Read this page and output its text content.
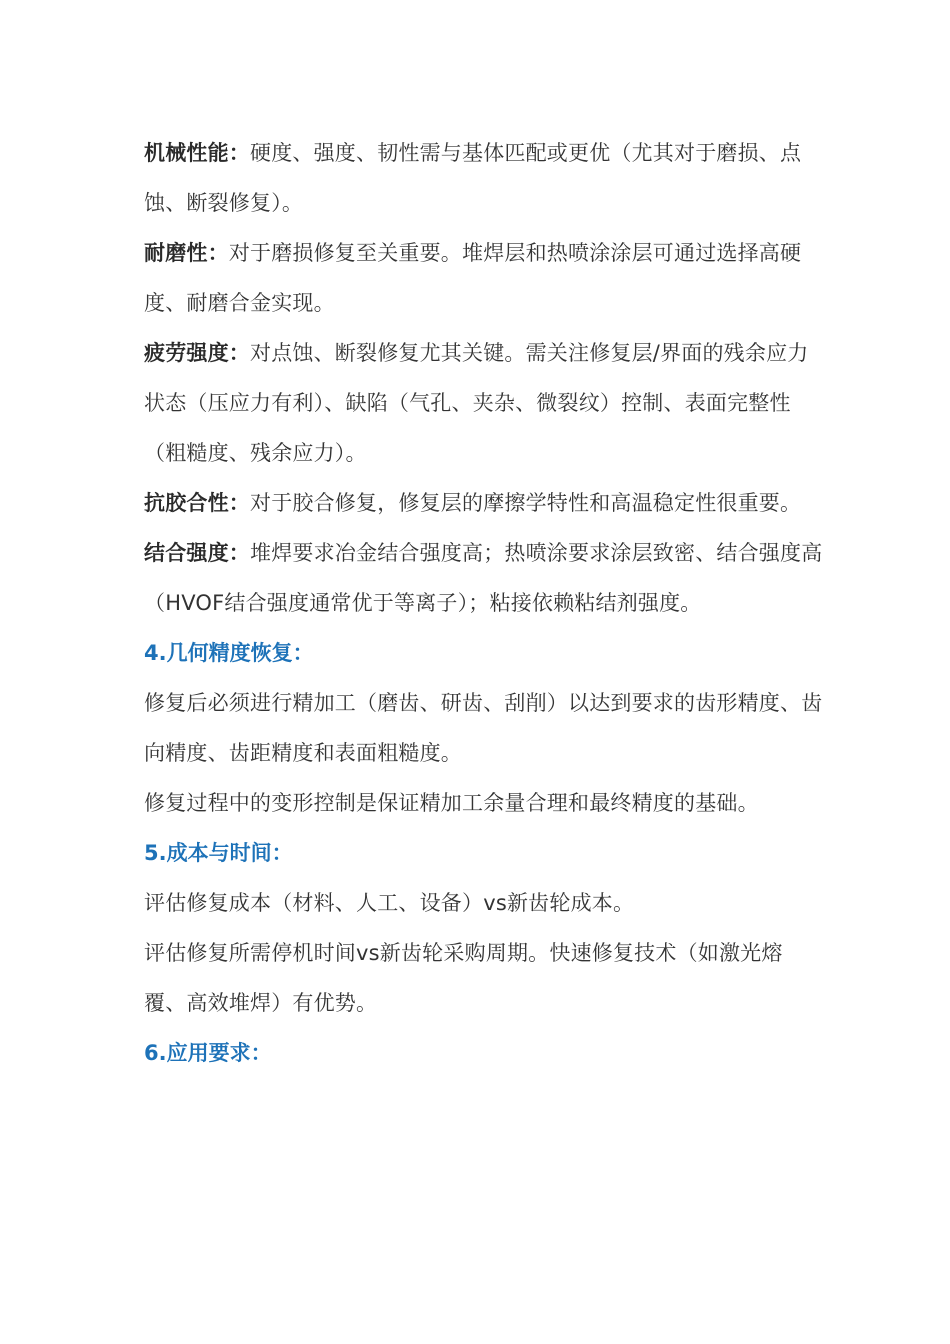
机械性能：硬度、强度、韧性需与基体匹配或更优（尤其对于磨损、点蚀、断裂修复）。

耐磨性：对于磨损修复至关重要。堆焊层和热喷涂涂层可通过选择高硬度、耐磨合金实现。

疲劳强度：对点蚀、断裂修复尤其关键。需关注修复层/界面的残余应力状态（压应力有利）、缺陷（气孔、夹杂、微裂纹）控制、表面完整性（粗糙度、残余应力）。

抗胶合性：对于胶合修复，修复层的摩擦学特性和高温稳定性很重要。

结合强度：堆焊要求冶金结合强度高；热喷涂要求涂层致密、结合强度高（HVOF结合强度通常优于等离子）；粘接依赖粘结剂强度。

4.几何精度恢复：

修复后必须进行精加工（磨齿、研齿、刮削）以达到要求的齿形精度、齿向精度、齿距精度和表面粗糙度。

修复过程中的变形控制是保证精加工余量合理和最终精度的基础。

5.成本与时间：

评估修复成本（材料、人工、设备）vs新齿轮成本。

评估修复所需停机时间vs新齿轮采购周期。快速修复技术（如激光熔覆、高效堆焊）有优势。

6.应用要求：
